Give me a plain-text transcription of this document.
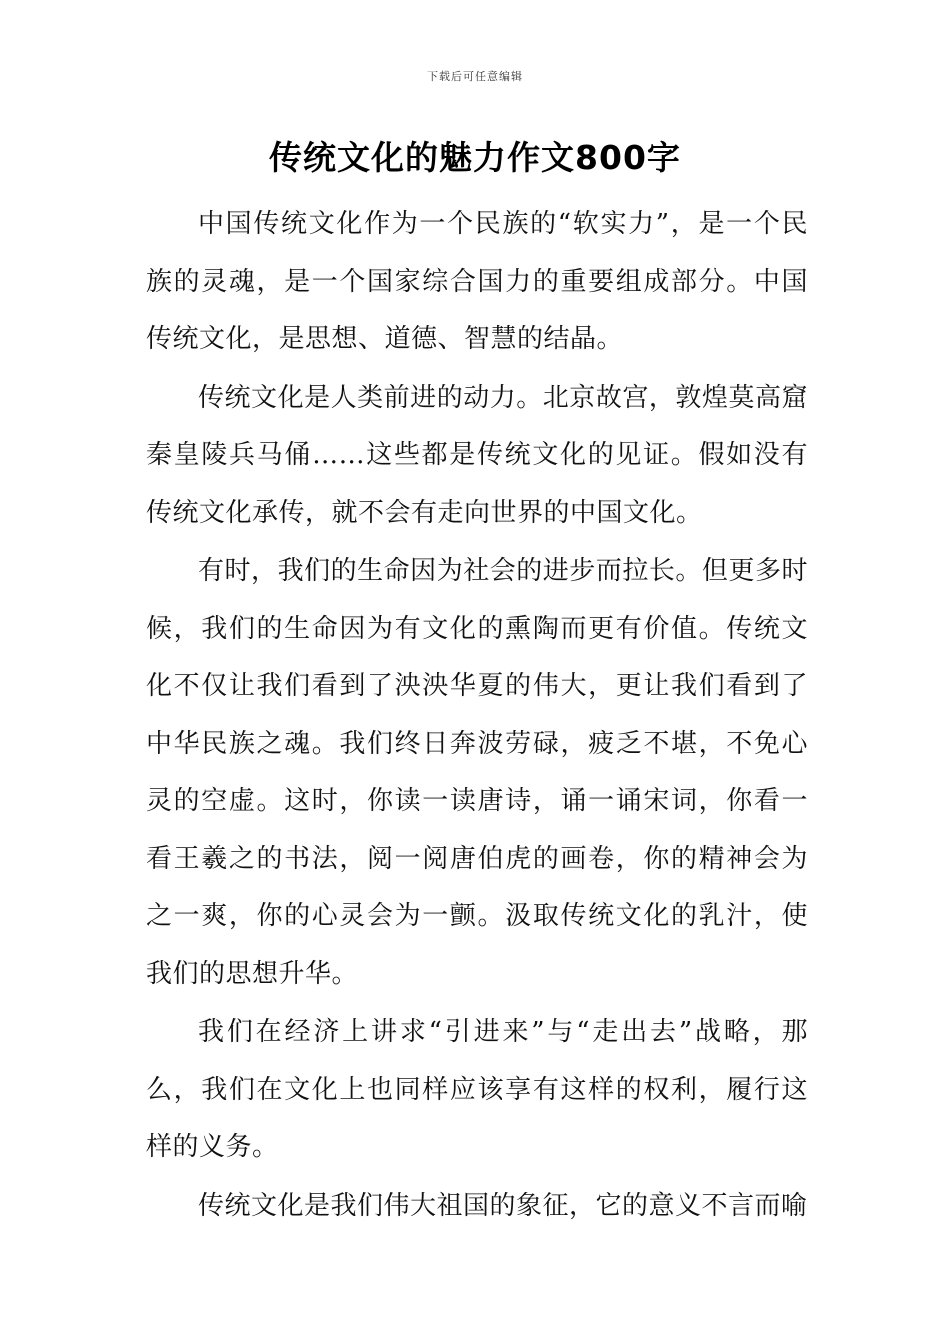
下载后可任意编辑
传统文化的魅力作文800字

中国传统文化作为一个民族的“软实力”，是一个民族的灵魂，是一个国家综合国力的重要组成部分。中国传统文化，是思想、道德、智慧的结晶。

传统文化是人类前进的动力。北京故宫，敦煌莫高窟秦皇陵兵马俑……这些都是传统文化的见证。假如没有传统文化承传，就不会有走向世界的中国文化。

有时，我们的生命因为社会的进步而拉长。但更多时候，我们的生命因为有文化的熏陶而更有价值。传统文化不仅让我们看到了泱泱华夏的伟大，更让我们看到了中华民族之魂。我们终日奔波劳碌，疲乏不堪，不免心灵的空虚。这时，你读一读唐诗，诵一诵宋词，你看一看王羲之的书法，阅一阅唐伯虎的画卷，你的精神会为之一爽，你的心灵会为一颤。汲取传统文化的乳汁，使我们的思想升华。

我们在经济上讲求“引进来”与“走出去”战略，那么，我们在文化上也同样应该享有这样的权利，履行这样的义务。

传统文化是我们伟大祖国的象征，它的意义不言而喻
